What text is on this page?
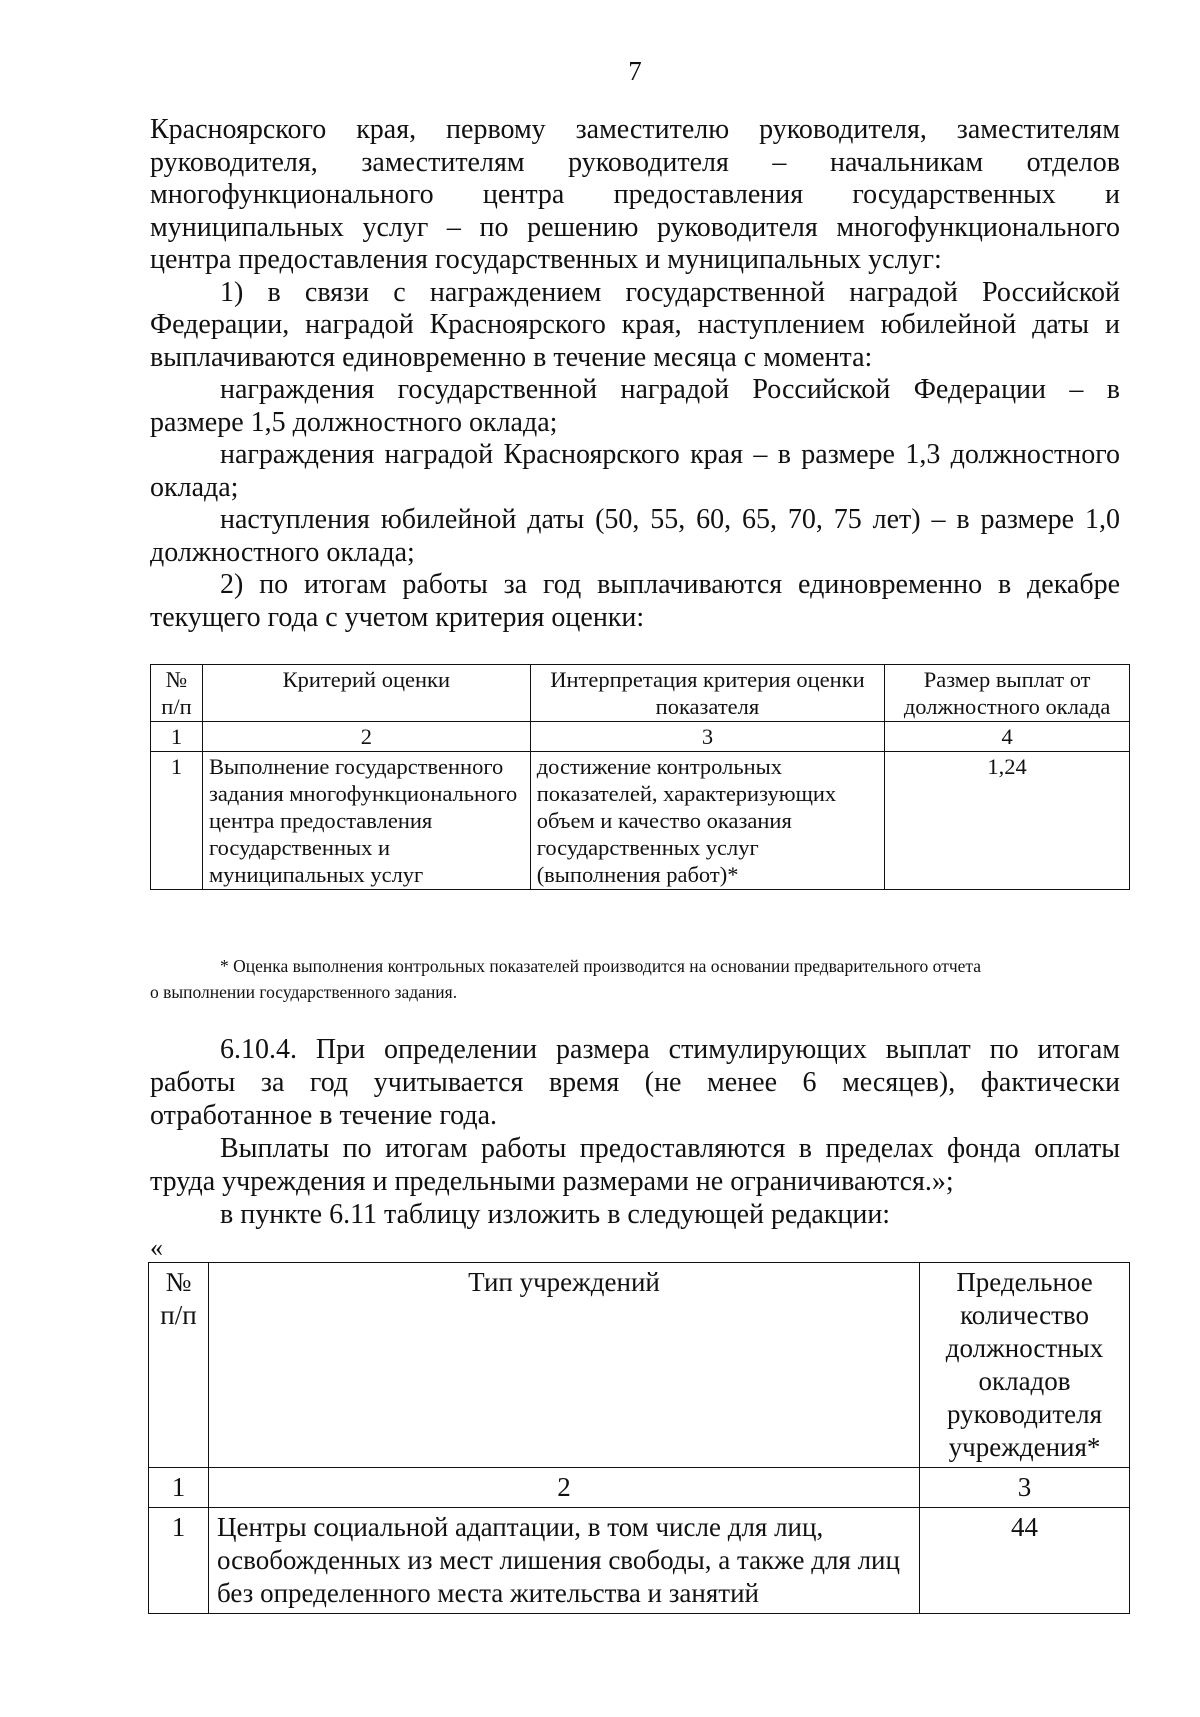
7

Красноярского края, первому заместителю руководителя, заместителям руководителя, заместителям руководителя – начальникам отделов многофункционального центра предоставления государственных и муниципальных услуг – по решению руководителя многофункционального центра предоставления государственных и муниципальных услуг:

1) в связи с награждением государственной наградой Российской Федерации, наградой Красноярского края, наступлением юбилейной даты и выплачиваются единовременно в течение месяца с момента:

награждения государственной наградой Российской Федерации – в размере 1,5 должностного оклада;

награждения наградой Красноярского края – в размере 1,3 должностного оклада;

наступления юбилейной даты (50, 55, 60, 65, 70, 75 лет) – в размере 1,0 должностного оклада;

2) по итогам работы за год выплачиваются единовременно в декабре текущего года с учетом критерия оценки:

№ п/п	Критерий оценки	Интерпретация критерия оценки показателя	Размер выплат от должностного оклада
1	2	3	4
1	Выполнение государственного задания многофункционального центра предоставления государственных и муниципальных услуг	достижение контрольных показателей, характеризующих объем и качество оказания государственных услуг (выполнения работ)*	1,24
* Оценка выполнения контрольных показателей производится на основании предварительного отчета
о выполнении государственного задания.

6.10.4. При определении размера стимулирующих выплат по итогам работы за год учитывается время (не менее 6 месяцев), фактически отработанное в течение года.

Выплаты по итогам работы предоставляются в пределах фонда оплаты труда учреждения и предельными размерами не ограничиваются.»;

в пункте 6.11 таблицу изложить в следующей редакции:

«
№ п/п	Тип учреждений	Предельное количество должностных окладов руководителя учреждения*
1	2	3
1	Центры социальной адаптации, в том числе для лиц, освобожденных из мест лишения свободы, а также для лиц без определенного места жительства и занятий	44
